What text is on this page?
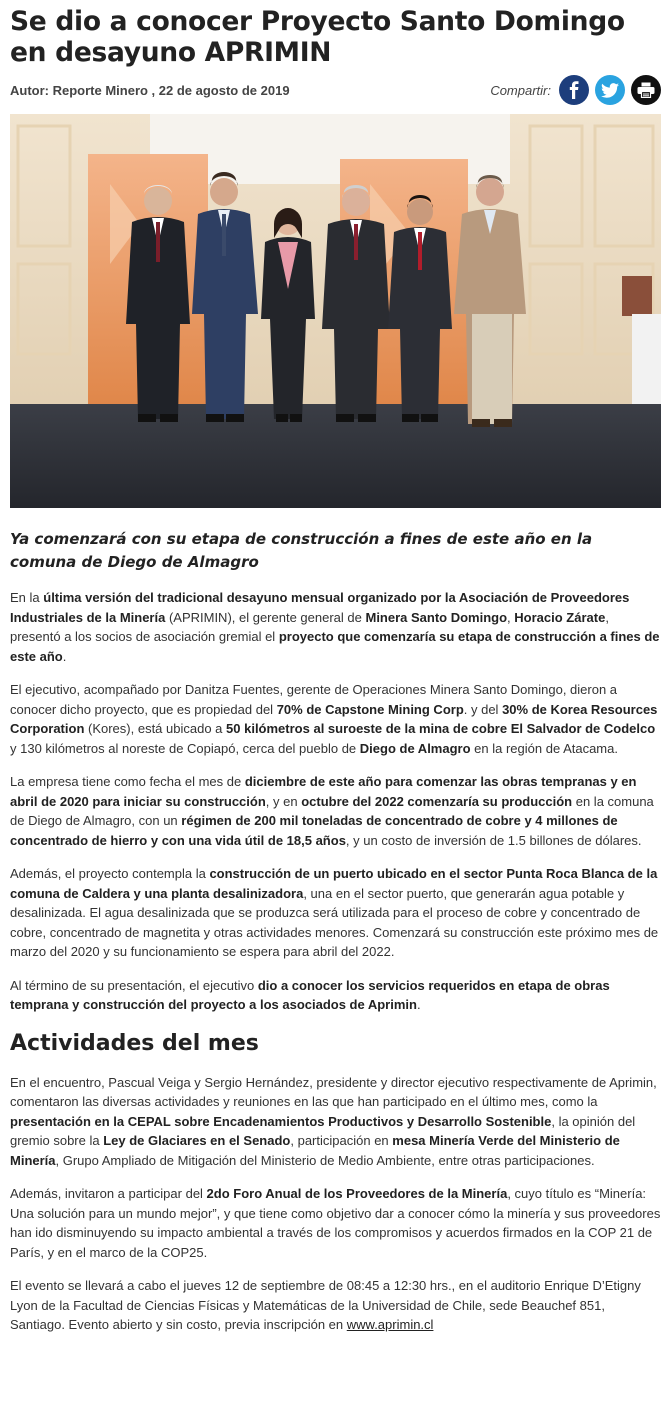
Se dio a conocer Proyecto Santo Domingo en desayuno APRIMIN
Autor: Reporte Minero , 22 de agosto de 2019	Compartir:
Ya comenzará con su etapa de construcción a fines de este año en la comuna de Diego de Almagro

En la última versión del tradicional desayuno mensual organizado por la Asociación de Proveedores Industriales de la Minería (APRIMIN), el gerente general de Minera Santo Domingo, Horacio Zárate, presentó a los socios de asociación gremial el proyecto que comenzaría su etapa de construcción a fines de este año.

El ejecutivo, acompañado por Danitza Fuentes, gerente de Operaciones Minera Santo Domingo, dieron a conocer dicho proyecto, que es propiedad del 70% de Capstone Mining Corp. y del 30% de Korea Resources Corporation (Kores), está ubicado a 50 kilómetros al suroeste de la mina de cobre El Salvador de Codelco y 130 kilómetros al noreste de Copiapó, cerca del pueblo de Diego de Almagro en la región de Atacama.

La empresa tiene como fecha el mes de diciembre de este año para comenzar las obras tempranas y en abril de 2020 para iniciar su construcción, y en octubre del 2022 comenzaría su producción en la comuna de Diego de Almagro, con un régimen de 200 mil toneladas de concentrado de cobre y 4 millones de concentrado de hierro y con una vida útil de 18,5 años, y un costo de inversión de 1.5 billones de dólares.

Además, el proyecto contempla la construcción de un puerto ubicado en el sector Punta Roca Blanca de la comuna de Caldera y una planta desalinizadora, una en el sector puerto, que generarán agua potable y desalinizada. El agua desalinizada que se produzca será utilizada para el proceso de cobre y concentrado de cobre, concentrado de magnetita y otras actividades menores. Comenzará su construcción este próximo mes de marzo del 2020 y su funcionamiento se espera para abril del 2022.

Al término de su presentación, el ejecutivo dio a conocer los servicios requeridos en etapa de obras temprana y construcción del proyecto a los asociados de Aprimin.

Actividades del mes

En el encuentro, Pascual Veiga y Sergio Hernández, presidente y director ejecutivo respectivamente de Aprimin, comentaron las diversas actividades y reuniones en las que han participado en el último mes, como la presentación en la CEPAL sobre Encadenamientos Productivos y Desarrollo Sostenible, la opinión del gremio sobre la Ley de Glaciares en el Senado, participación en mesa Minería Verde del Ministerio de Minería, Grupo Ampliado de Mitigación del Ministerio de Medio Ambiente, entre otras participaciones.

Además, invitaron a participar del 2do Foro Anual de los Proveedores de la Minería, cuyo título es “Minería: Una solución para un mundo mejor”, y que tiene como objetivo dar a conocer cómo la minería y sus proveedores han ido disminuyendo su impacto ambiental a través de los compromisos y acuerdos firmados en la COP 21 de París, y en el marco de la COP25.

El evento se llevará a cabo el jueves 12 de septiembre de 08:45 a 12:30 hrs., en el auditorio Enrique D’Etigny Lyon de la Facultad de Ciencias Físicas y Matemáticas de la Universidad de Chile, sede Beauchef 851, Santiago. Evento abierto y sin costo, previa inscripción en www.aprimin.cl
